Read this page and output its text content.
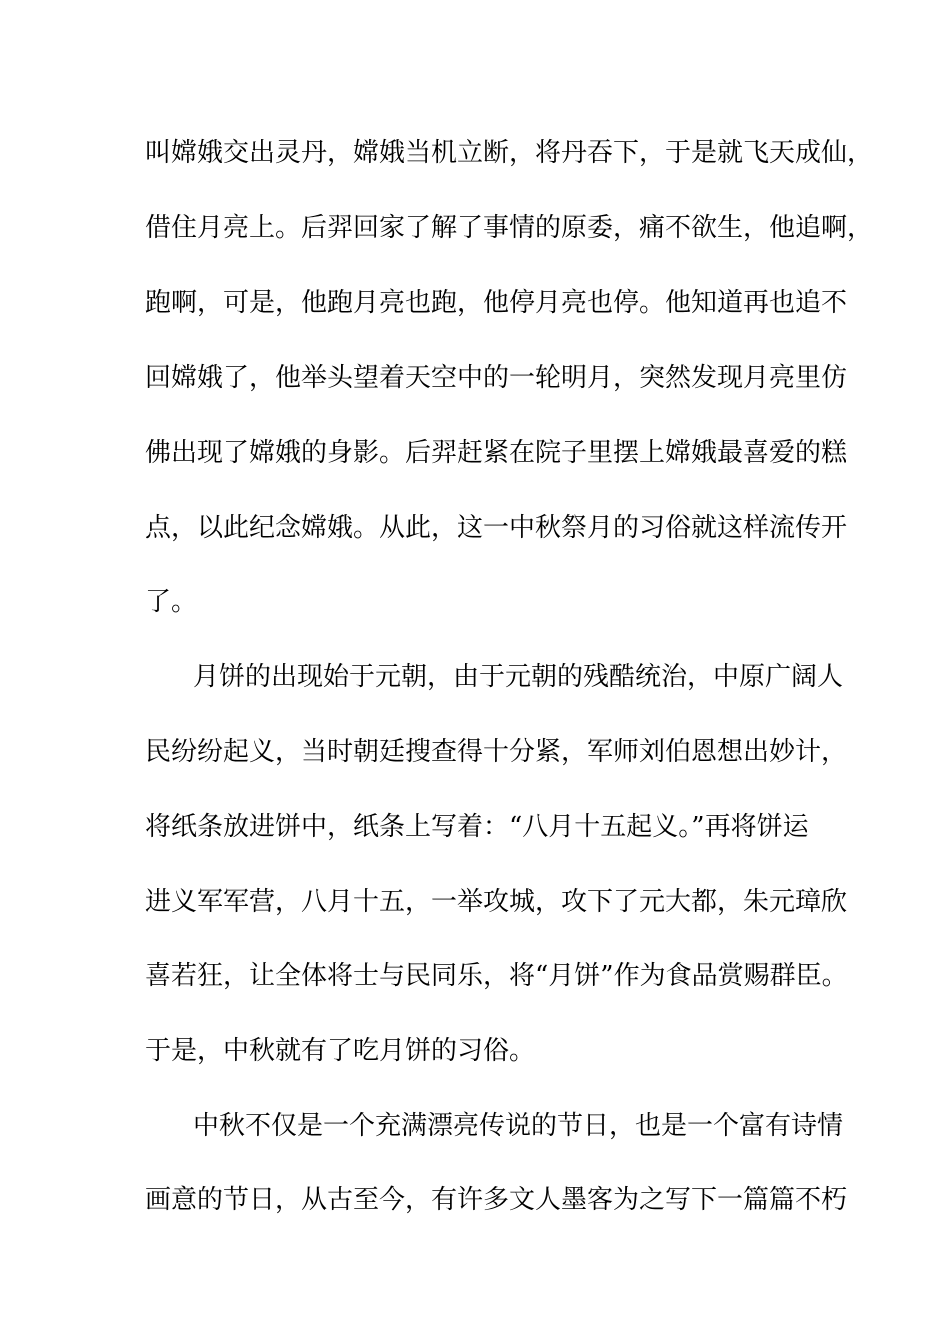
叫嫦娥交出灵丹，嫦娥当机立断，将丹吞下，于是就飞天成仙，
借住月亮上。后羿回家了解了事情的原委，痛不欲生，他追啊，
跑啊，可是，他跑月亮也跑，他停月亮也停。他知道再也追不
回嫦娥了，他举头望着天空中的一轮明月，突然发现月亮里仿
佛出现了嫦娥的身影。后羿赶紧在院子里摆上嫦娥最喜爱的糕
点，以此纪念嫦娥。从此，这一中秋祭月的习俗就这样流传开
了。
月饼的出现始于元朝，由于元朝的残酷统治，中原广阔人
民纷纷起义，当时朝廷搜查得十分紧，军师刘伯恩想出妙计，
将纸条放进饼中，纸条上写着：“八月十五起义。”再将饼运
进义军军营，八月十五，一举攻城，攻下了元大都，朱元璋欣
喜若狂，让全体将士与民同乐，将“月饼”作为食品赏赐群臣。
于是，中秋就有了吃月饼的习俗。
中秋不仅是一个充满漂亮传说的节日，也是一个富有诗情
画意的节日，从古至今，有许多文人墨客为之写下一篇篇不朽
